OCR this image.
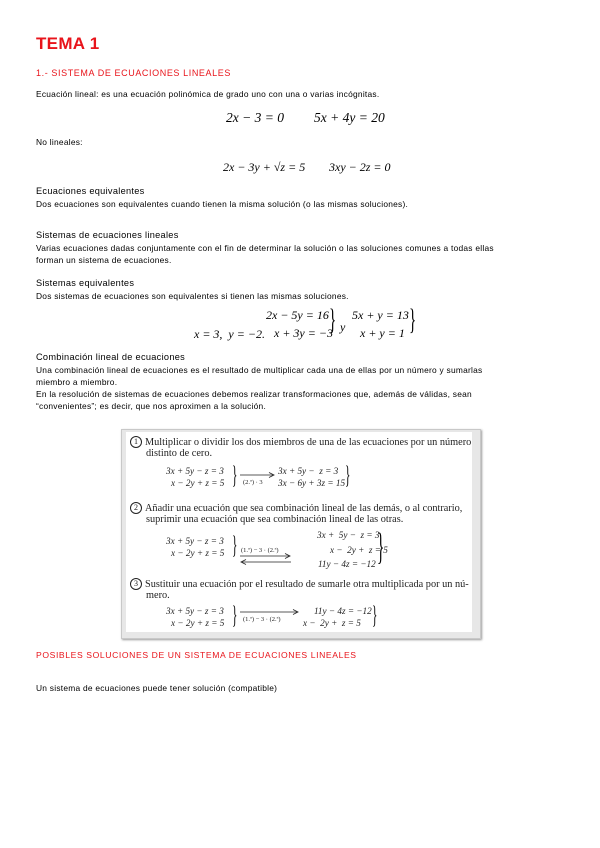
TEMA 1
1.- SISTEMA DE ECUACIONES LINEALES
Ecuación lineal: es una ecuación polinómica de grado uno con una o varias incógnitas.
2x − 3 = 0 5x + 4y = 20
No lineales:
2x − 3y + √z = 5 3xy − 2z = 0
Ecuaciones equivalentes
Dos ecuaciones son equivalentes cuando tienen la misma solución (o las mismas soluciones).
Sistemas de ecuaciones lineales
Varias ecuaciones dadas conjuntamente con el fin de determinar la solución o las soluciones comunes a todas ellas
forman un sistema de ecuaciones.
Sistemas equivalentes
Dos sistemas de ecuaciones son equivalentes si tienen las mismas soluciones.
x = 3,  y = −2.
2x − 5y = 16
x + 3y = −3
} y
5x + y = 13
x + y = 1 }
Combinación lineal de ecuaciones
Una combinación lineal de ecuaciones es el resultado de multiplicar cada una de ellas por un número y sumarlas
miembro a miembro.
En la resolución de sistemas de ecuaciones debemos realizar transformaciones que, además de válidas, sean
“convenientes”; es decir, que nos aproximen a la solución.
1 Multiplicar o dividir los dos miembros de una de las ecuaciones por un número
distinto de cero.
3x + 5y − z = 3
x − 2y + z = 5 } (2.ª) · 3
3x + 5y −  z = 3
3x − 6y + 3z = 15 }
2 Añadir una ecuación que sea combinación lineal de las demás, o al contrario,
suprimir una ecuación que sea combinación lineal de las otras.
3x + 5y − z = 3
x − 2y + z = 5 } (1.ª) − 3 · (2.ª)
3x +  5y −  z = 3
x −  2y +  z = 5
11y − 4z = −12 }
3 Sustituir una ecuación por el resultado de sumarle otra multiplicada por un nú-
mero.
3x + 5y − z = 3
x − 2y + z = 5 } (1.ª) − 3 · (2.ª)
11y − 4z = −12
x −  2y +  z = 5 }
POSIBLES SOLUCIONES DE UN SISTEMA DE ECUACIONES LINEALES
Un sistema de ecuaciones puede tener solución (compatible)
